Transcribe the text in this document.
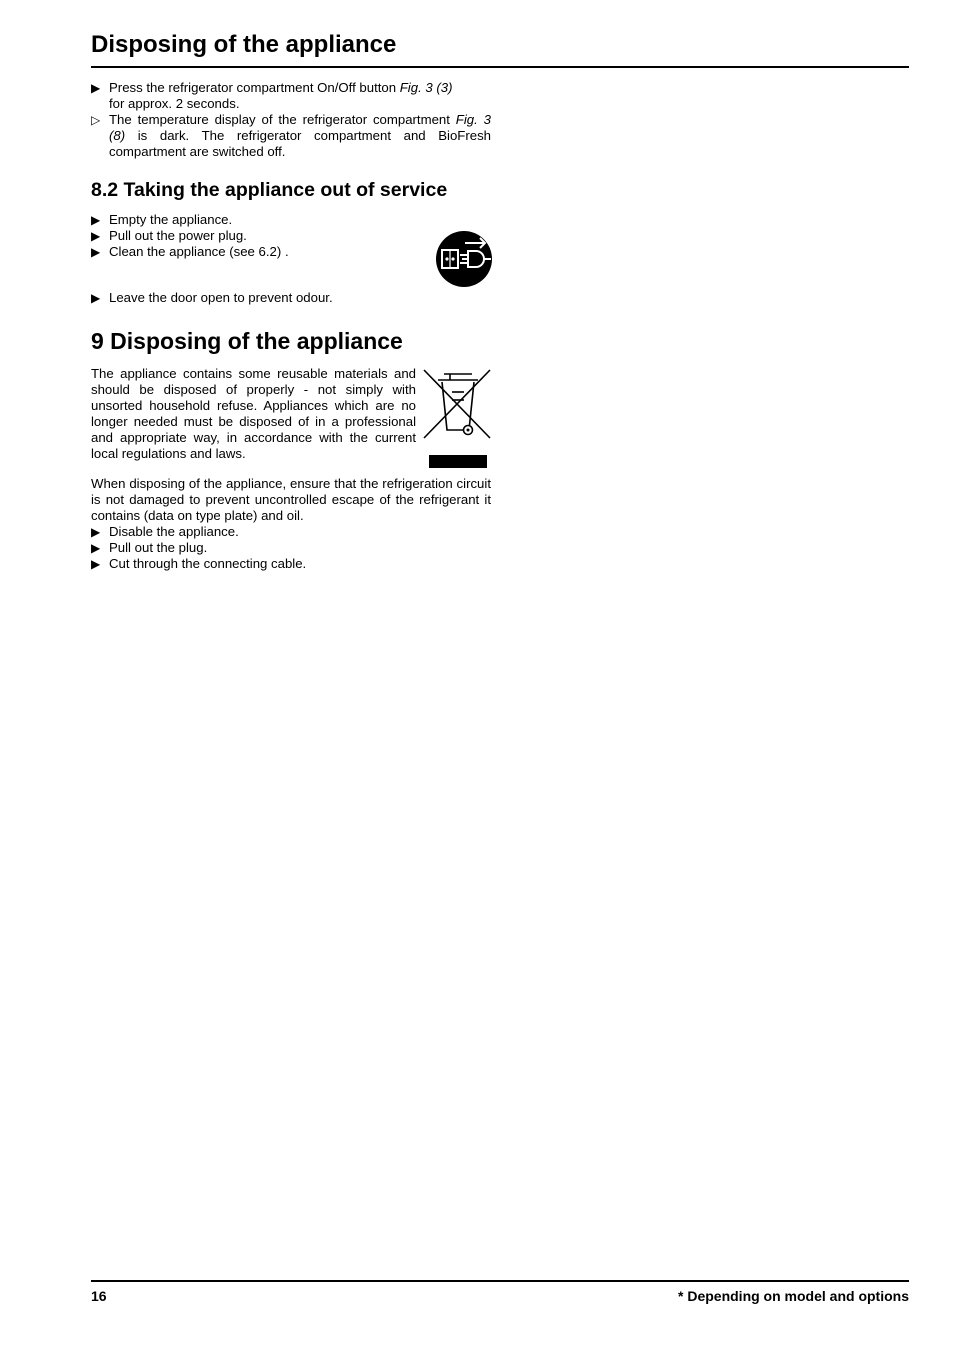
Disposing of the appliance
▶ Press the refrigerator compartment On/Off button Fig. 3 (3)
for approx. 2 seconds.
▷ The temperature display of the refrigerator compartment Fig. 3 (8) is dark. The refrigerator compartment and BioFresh compartment are switched off.
8.2 Taking the appliance out of service
▶ Empty the appliance.
▶ Pull out the power plug.
▶ Clean the appliance (see 6.2) .
▶ Leave the door open to prevent odour.
9 Disposing of the appliance
The appliance contains some reusable materials and should be disposed of properly - not simply with unsorted household refuse. Appliances which are no longer needed must be disposed of in a professional and appropriate way, in accordance with the current local regulations and laws.
When disposing of the appliance, ensure that the refrigeration circuit is not damaged to prevent uncontrolled escape of the refrigerant it contains (data on type plate) and oil.
▶ Disable the appliance.
▶ Pull out the plug.
▶ Cut through the connecting cable.
16	* Depending on model and options
